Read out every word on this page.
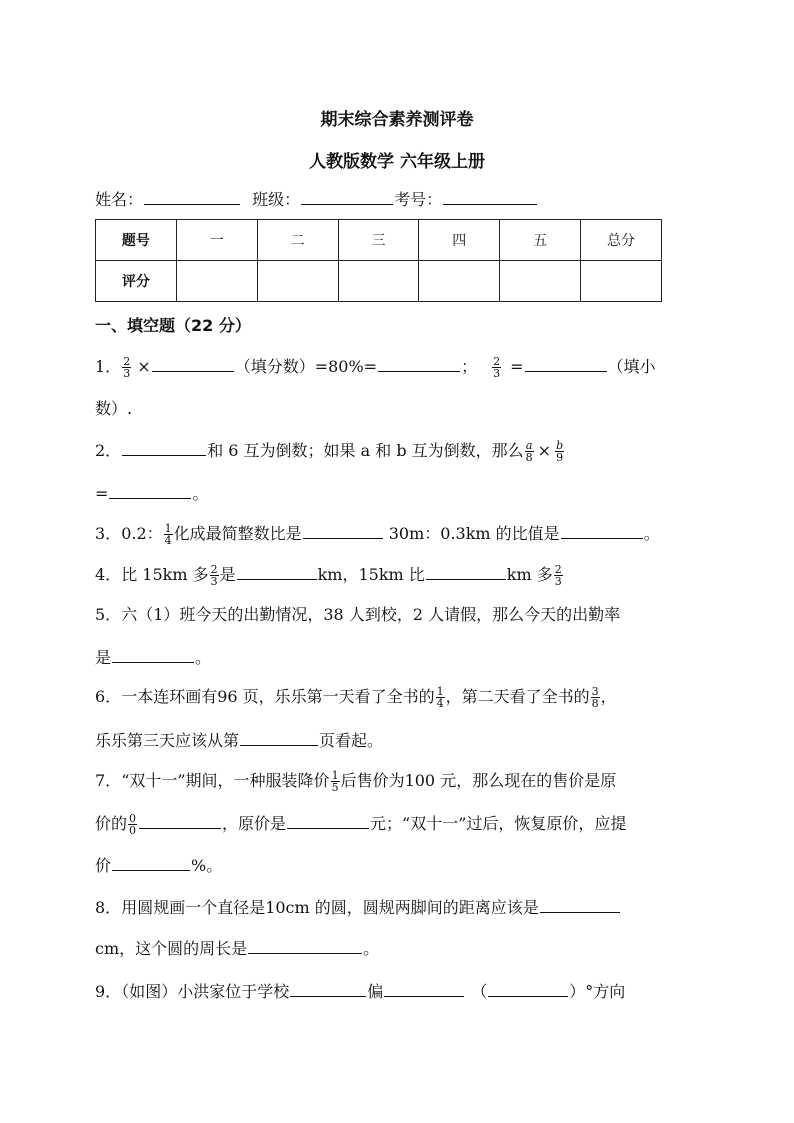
期末综合素养测评卷
人教版数学 六年级上册
姓名：	班级：	考号：
题号	一	二	三	四	五	总分
评分						
一、填空题（22 分）
1． $\frac{2}{3}$ ×	（填分数）=80%=	； $\frac{2}{3}$ =	（填小
数）.
2．	和 6 互为倒数；如果 a 和 b 互为倒数，那么 $\frac{a}{8} \times \frac{b}{9}$
=	。
3．0.2： $\frac{1}{4}$ 化成最简整数比是	30m：0.3km 的比值是	。
4．比 15km 多 $\frac{2}{3}$ 是	km，15km 比	km 多 $\frac{2}{3}$
5．六（1）班今天的出勤情况，38 人到校，2 人请假，那么今天的出勤率
是	。
6．一本连环画有96 页，乐乐第一天看了全书的 $\frac{1}{4}$ ，第二天看了全书的 $\frac{3}{8}$ ，
乐乐第三天应该从第	页看起。
7．“双十一”期间，一种服装降价 $\frac{1}{5}$ 后售价为100 元，那么现在的售价是原
价的 $\frac{0}{0}$	，原价是	元；“双十一”过后，恢复原价，应提
价	%。
8．用圆规画一个直径是10cm 的圆，圆规两脚间的距离应该是
cm，这个圆的周长是	。
9．（如图）小洪家位于学校	偏	（	）°方向
